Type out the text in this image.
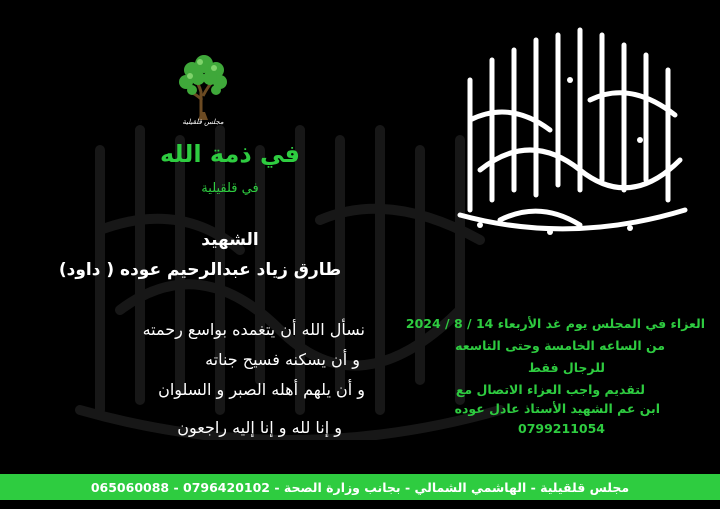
مجلس قلقيلية
في ذمة الله
في قلقيلية
الشهيد
طارق زياد عبدالرحيم عوده ( داود)
نسأل الله أن يتغمده بواسع رحمته
و أن يسكنه فسيح جناته
و أن يلهم أهله الصبر و السلوان
و إنا لله و إنا إليه راجعون
العزاء في المجلس يوم غد الأربعاء 14 / 8 / 2024
من الساعه الخامسة وحتى التاسعه
للرجال فقط
لتقديم واجب العزاء الاتصال مع
ابن عم الشهيد الأستاذ عادل عوده
0799211054
مجلس قلقيلية - الهاشمي الشمالي - بجانب وزارة الصحة - 0796420102 - 065060088
